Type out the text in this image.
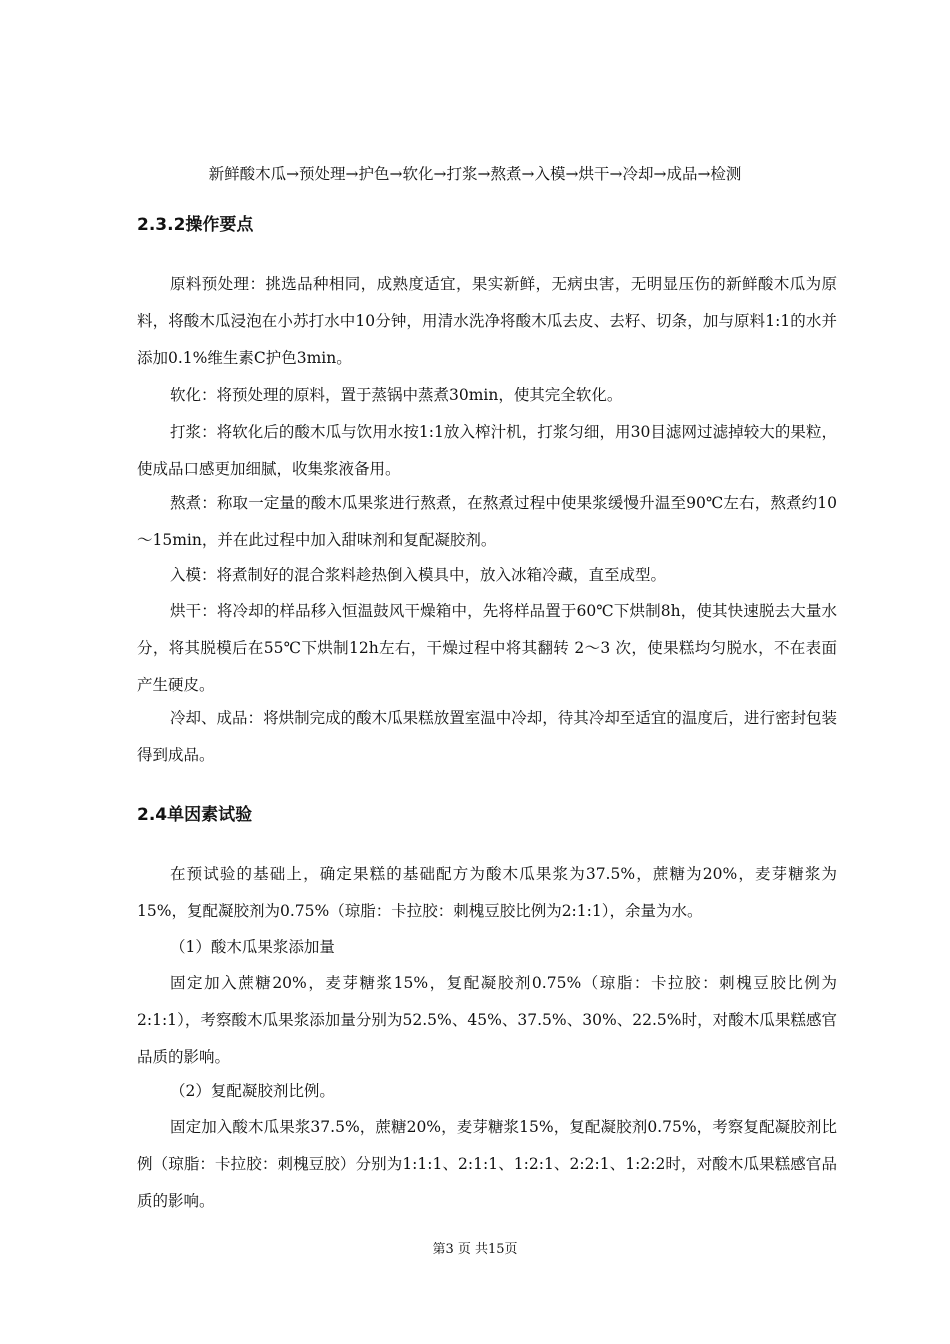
新鲜酸木瓜→预处理→护色→软化→打浆→熬煮→入模→烘干→冷却→成品→检测
2.3.2操作要点

原料预处理：挑选品种相同，成熟度适宜，果实新鲜，无病虫害，无明显压伤的新鲜酸木瓜为原料，将酸木瓜浸泡在小苏打水中10分钟，用清水洗净将酸木瓜去皮、去籽、切条，加与原料1:1的水并添加0.1%维生素C护色3min。

软化：将预处理的原料，置于蒸锅中蒸煮30min，使其完全软化。

打浆：将软化后的酸木瓜与饮用水按1:1放入榨汁机，打浆匀细，用30目滤网过滤掉较大的果粒，使成品口感更加细腻，收集浆液备用。

熬煮：称取一定量的酸木瓜果浆进行熬煮，在熬煮过程中使果浆缓慢升温至90℃左右，熬煮约10～15min，并在此过程中加入甜味剂和复配凝胶剂。

入模：将煮制好的混合浆料趁热倒入模具中，放入冰箱冷藏，直至成型。

烘干：将冷却的样品移入恒温鼓风干燥箱中，先将样品置于60℃下烘制8h，使其快速脱去大量水分，将其脱模后在55℃下烘制12h左右，干燥过程中将其翻转 2～3 次，使果糕均匀脱水，不在表面产生硬皮。

冷却、成品：将烘制完成的酸木瓜果糕放置室温中冷却，待其冷却至适宜的温度后，进行密封包装得到成品。

2.4单因素试验

在预试验的基础上，确定果糕的基础配方为酸木瓜果浆为37.5%，蔗糖为20%，麦芽糖浆为15%，复配凝胶剂为0.75%（琼脂：卡拉胶：刺槐豆胶比例为2:1:1），余量为水。

（1）酸木瓜果浆添加量

固定加入蔗糖20%，麦芽糖浆15%，复配凝胶剂0.75%（琼脂：卡拉胶：刺槐豆胶比例为2:1:1），考察酸木瓜果浆添加量分别为52.5%、45%、37.5%、30%、22.5%时，对酸木瓜果糕感官品质的影响。

（2）复配凝胶剂比例。

固定加入酸木瓜果浆37.5%，蔗糖20%，麦芽糖浆15%，复配凝胶剂0.75%，考察复配凝胶剂比例（琼脂：卡拉胶：刺槐豆胶）分别为1:1:1、2:1:1、1:2:1、2:2:1、1:2:2时，对酸木瓜果糕感官品质的影响。

第3 页 共15页
